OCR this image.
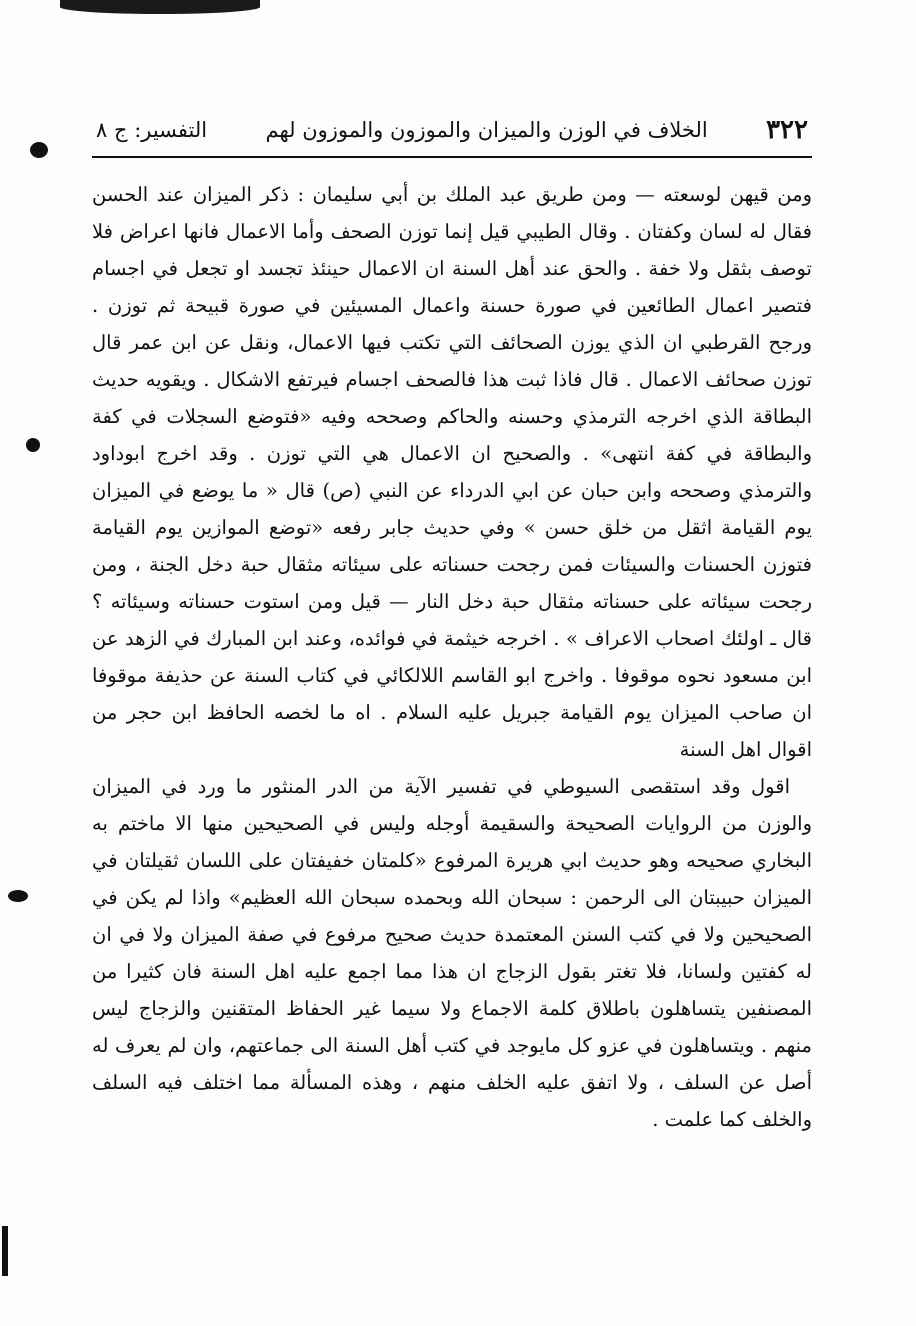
٣٢٢
الخلاف في الوزن والميزان والموزون والموزون لهم
التفسير: ج ٨

ومن قيهن لوسعته — ومن طريق عبد الملك بن أبي سليمان : ذكر الميزان عند الحسن فقال له لسان وكفتان . وقال الطيبي قيل إنما توزن الصحف وأما الاعمال فانها اعراض فلا توصف بثقل ولا خفة . والحق عند أهل السنة ان الاعمال حينئذ تجسد او تجعل في اجسام فتصير اعمال الطائعين في صورة حسنة واعمال المسيئين في صورة قبيحة ثم توزن . ورجح القرطبي ان الذي يوزن الصحائف التي تكتب فيها الاعمال، ونقل عن ابن عمر قال توزن صحائف الاعمال . قال فاذا ثبت هذا فالصحف اجسام فيرتفع الاشكال . ويقويه حديث البطاقة الذي اخرجه الترمذي وحسنه والحاكم وصححه وفيه «فتوضع السجلات في كفة والبطاقة في كفة انتهى» . والصحيح ان الاعمال هي التي توزن . وقد اخرج ابوداود والترمذي وصححه وابن حبان عن ابي الدرداء عن النبي (ص) قال « ما يوضع في الميزان يوم القيامة اثقل من خلق حسن » وفي حديث جابر رفعه «توضع الموازين يوم القيامة فتوزن الحسنات والسيئات فمن رجحت حسناته على سيئاته مثقال حبة دخل الجنة ، ومن رجحت سيئاته على حسناته مثقال حبة دخل النار — قيل ومن استوت حسناته وسيئاته ؟ قال ـ اولئك اصحاب الاعراف » . اخرجه خيثمة في فوائده، وعند ابن المبارك في الزهد عن ابن مسعود نحوه موقوفا . واخرج ابو القاسم اللالكائي في كتاب السنة عن حذيفة موقوفا ان صاحب الميزان يوم القيامة جبريل عليه السلام . اه ما لخصه الحافظ ابن حجر من اقوال اهل السنة

اقول وقد استقصى السيوطي في تفسير الآية من الدر المنثور ما ورد في الميزان والوزن من الروايات الصحيحة والسقيمة أوجله وليس في الصحيحين منها الا ماختم به البخاري صحيحه وهو حديث ابي هريرة المرفوع «كلمتان خفيفتان على اللسان ثقيلتان في الميزان حبيبتان الى الرحمن : سبحان الله وبحمده سبحان الله العظيم» واذا لم يكن في الصحيحين ولا في كتب السنن المعتمدة حديث صحيح مرفوع في صفة الميزان ولا في ان له كفتين ولسانا، فلا تغتر بقول الزجاج ان هذا مما اجمع عليه اهل السنة فان كثيرا من المصنفين يتساهلون باطلاق كلمة الاجماع ولا سيما غير الحفاظ المتقنين والزجاج ليس منهم . ويتساهلون في عزو كل مايوجد في كتب أهل السنة الى جماعتهم، وان لم يعرف له أصل عن السلف ، ولا اتفق عليه الخلف منهم ، وهذه المسألة مما اختلف فيه السلف والخلف كما علمت .
